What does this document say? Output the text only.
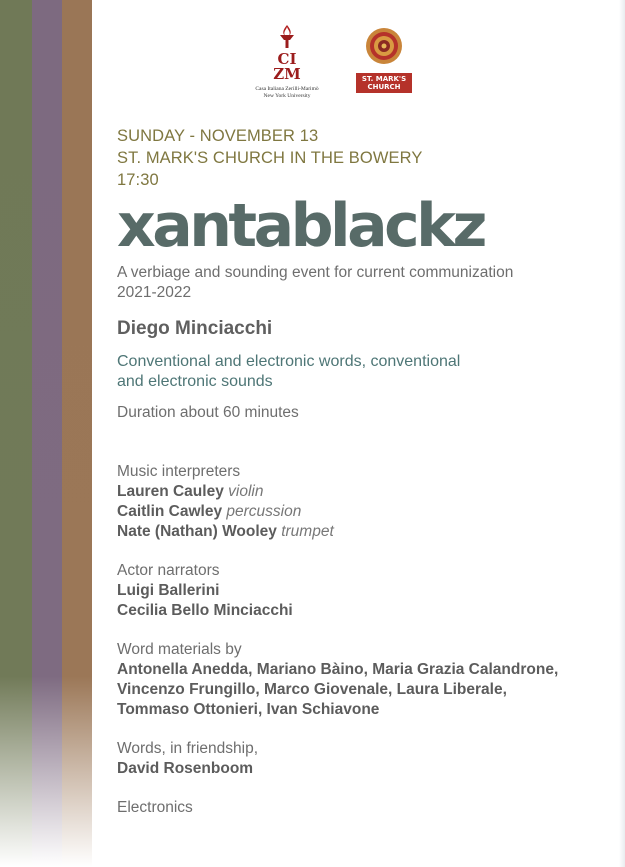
CI
ZM
Casa Italiana Zerilli-Marimò
New York University
ST. MARK'S
CHURCH
SUNDAY - NOVEMBER 13
ST. MARK'S CHURCH IN THE BOWERY
17:30
xantablackz
A verbiage and sounding event for current communization
2021-2022
Diego Minciacchi
Conventional and electronic words, conventional
and electronic sounds
Duration about 60 minutes
Music interpreters
Lauren Cauley violin
Caitlin Cawley percussion
Nate (Nathan) Wooley trumpet
Actor narrators
Luigi Ballerini
Cecilia Bello Minciacchi
Word materials by
Antonella Anedda, Mariano Bàino, Maria Grazia Calandrone,
Vincenzo Frungillo, Marco Giovenale, Laura Liberale,
Tommaso Ottonieri, Ivan Schiavone
Words, in friendship,
David Rosenboom
Electronics
